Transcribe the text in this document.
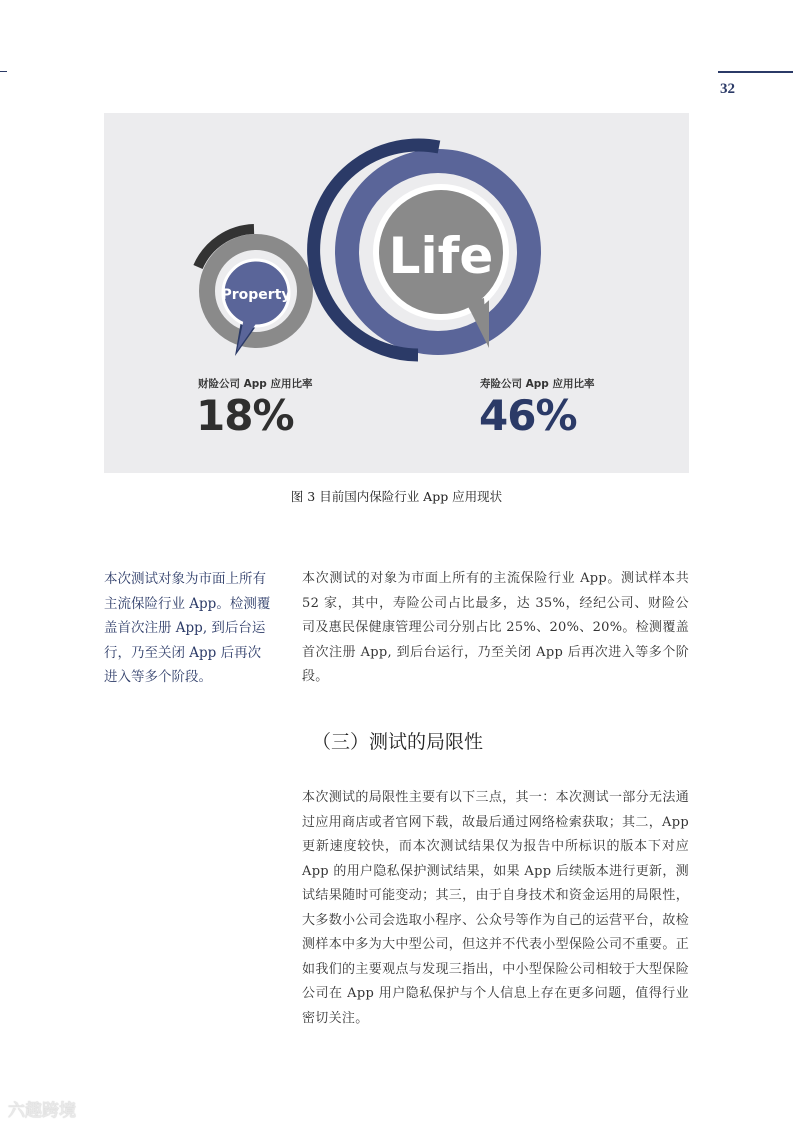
32
Property
Life
财险公司 App 应用比率
18%
寿险公司 App 应用比率
46%
图 3 目前国内保险行业 App 应用现状
本次测试对象为市面上所有主流保险行业 App。检测覆盖首次注册 App, 到后台运行，乃至关闭 App 后再次进入等多个阶段。
本次测试的对象为市面上所有的主流保险行业 App。测试样本共 52 家，其中，寿险公司占比最多，达 35%，经纪公司、财险公司及惠民保健康管理公司分别占比 25%、20%、20%。检测覆盖首次注册 App, 到后台运行，乃至关闭 App 后再次进入等多个阶段。
（三）测试的局限性
本次测试的局限性主要有以下三点，其一：本次测试一部分无法通过应用商店或者官网下载，故最后通过网络检索获取；其二，App 更新速度较快，而本次测试结果仅为报告中所标识的版本下对应 App 的用户隐私保护测试结果，如果 App 后续版本进行更新，测试结果随时可能变动；其三，由于自身技术和资金运用的局限性，大多数小公司会选取小程序、公众号等作为自己的运营平台，故检测样本中多为大中型公司，但这并不代表小型保险公司不重要。正如我们的主要观点与发现三指出，中小型保险公司相较于大型保险公司在 App 用户隐私保护与个人信息上存在更多问题，值得行业密切关注。
六趣跨境
